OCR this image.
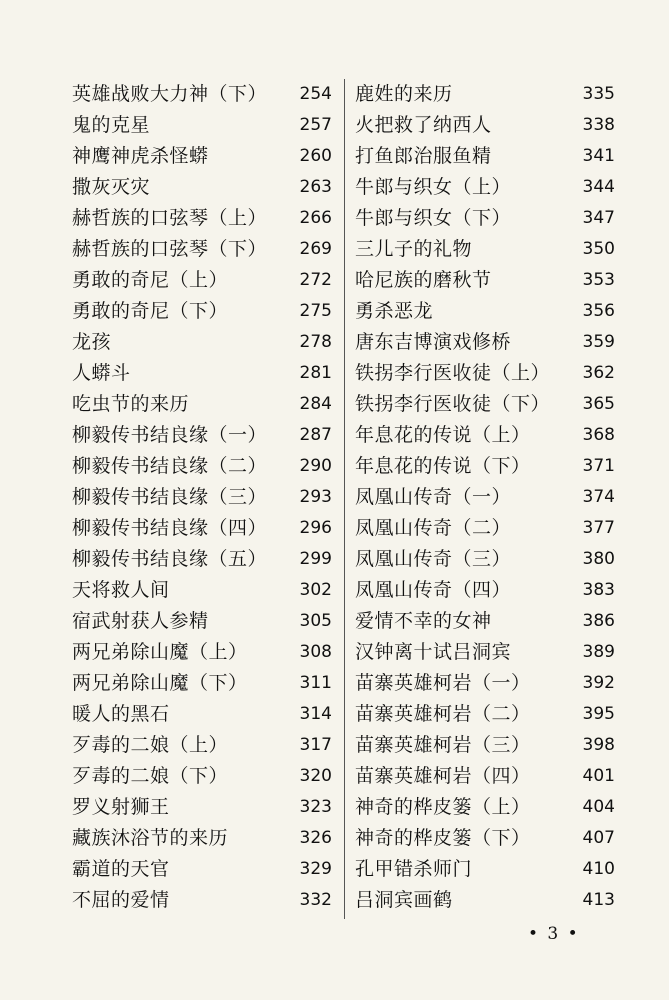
英雄战败大力神（下） 254
鬼的克星	257
神鹰神虎杀怪蟒	260
撒灰灭灾	263
赫哲族的口弦琴（上） 266
赫哲族的口弦琴（下） 269
勇敢的奇尼（上）	272
勇敢的奇尼（下）	275
龙孩	278
人蟒斗	281
吃虫节的来历	284
柳毅传书结良缘（一） 287
柳毅传书结良缘（二） 290
柳毅传书结良缘（三） 293
柳毅传书结良缘（四） 296
柳毅传书结良缘（五） 299
天将救人间	302
宿武射获人参精	305
两兄弟除山魔（上）	308
两兄弟除山魔（下）	311
暖人的黑石	314
歹毒的二娘（上）	317
歹毒的二娘（下）	320
罗义射狮王	323
藏族沐浴节的来历	326
霸道的天官	329
不屈的爱情	332
鹿姓的来历	335
火把救了纳西人	338
打鱼郎治服鱼精	341
牛郎与织女（上）	344
牛郎与织女（下）	347
三儿子的礼物	350
哈尼族的磨秋节	353
勇杀恶龙	356
唐东吉博演戏修桥	359
铁拐李行医收徒（上） 362
铁拐李行医收徒（下） 365
年息花的传说（上）	368
年息花的传说（下）	371
凤凰山传奇（一）	374
凤凰山传奇（二）	377
凤凰山传奇（三）	380
凤凰山传奇（四）	383
爱情不幸的女神	386
汉钟离十试吕洞宾	389
苗寨英雄柯岩（一）	392
苗寨英雄柯岩（二）	395
苗寨英雄柯岩（三）	398
苗寨英雄柯岩（四）	401
神奇的桦皮篓（上）	404
神奇的桦皮篓（下）	407
孔甲错杀师门	410
吕洞宾画鹤	413
• 3 •
